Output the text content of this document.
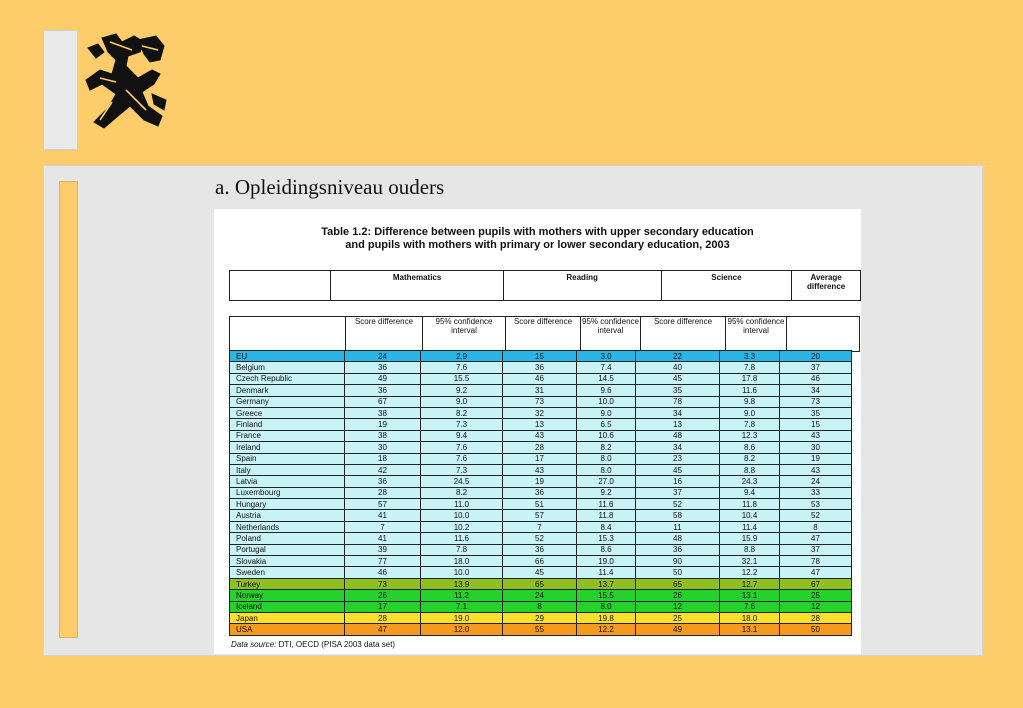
a. Opleidingsniveau ouders
Table 1.2: Difference between pupils with mothers with upper secondary education
and pupils with mothers with primary or lower secondary education, 2003
	Mathematics	Reading	Science	Average difference
	Score difference	95% confidence interval	Score difference	95% confidence interval	Score difference	95% confidence interval	
EU	24	2.9	15	3.0	22	3.3	20
Belgium	36	7.6	36	7.4	40	7.8	37
Czech Republic	49	15.5	46	14.5	45	17.8	46
Denmark	36	9.2	31	9.6	35	11.6	34
Germany	67	9.0	73	10.0	78	9.8	73
Greece	38	8.2	32	9.0	34	9.0	35
Finland	19	7.3	13	6.5	13	7.8	15
France	38	9.4	43	10.6	48	12.3	43
Ireland	30	7.6	28	8.2	34	8.6	30
Spain	18	7.6	17	8.0	23	8.2	19
Italy	42	7.3	43	8.0	45	8.8	43
Latvia	36	24.5	19	27.0	16	24.3	24
Luxembourg	28	8.2	36	9.2	37	9.4	33
Hungary	57	11.0	51	11.6	52	11.8	53
Austria	41	10.0	57	11.8	58	10.4	52
Netherlands	7	10.2	7	8.4	11	11.4	8
Poland	41	11.6	52	15.3	48	15.9	47
Portugal	39	7.8	36	8.6	36	8.8	37
Slovakia	77	18.0	66	19.0	90	32.1	78
Sweden	46	10.0	45	11.4	50	12.2	47
Turkey	73	13.9	65	13.7	65	12.7	67
Norway	26	11.2	24	15.5	26	13.1	25
Iceland	17	7.1	8	8.0	12	7.6	12
Japan	28	19.0	29	19.8	25	18.0	28
USA	47	12.0	55	12.2	49	13.1	50
Data source: DTI, OECD (PISA 2003 data set)
